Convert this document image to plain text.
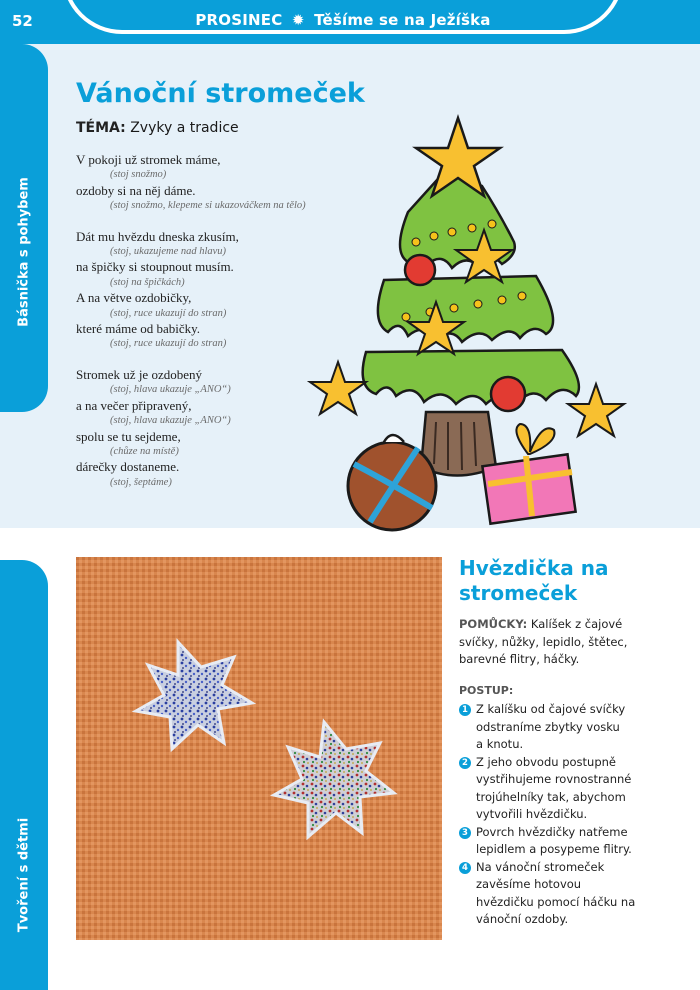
52	PROSINEC ✹ Těšíme se na Ježíška
Básnička s pohybem
Vánoční stromeček
TÉMA: Zvyky a tradice
V pokoji už stromek máme,
(stoj snožmo)
ozdoby si na něj dáme.
(stoj snožmo, klepeme si ukazováčkem na tělo)
Dát mu hvězdu dneska zkusím,
(stoj, ukazujeme nad hlavu)
na špičky si stoupnout musím.
(stoj na špičkách)
A na větve ozdobičky,
(stoj, ruce ukazují do stran)
které máme od babičky.
(stoj, ruce ukazují do stran)
Stromek už je ozdobený
(stoj, hlava ukazuje „ANO“)
a na večer připravený,
(stoj, hlava ukazuje „ANO“)
spolu se tu sejdeme,
(chůze na místě)
dárečky dostaneme.
(stoj, šeptáme)
Tvoření s dětmi
Hvězdička na
stromeček
POMŮCKY: Kalíšek z čajové
svíčky, nůžky, lepidlo, štětec,
barevné flitry, háčky.
POSTUP:
1 Z kalíšku od čajové svíčky
odstraníme zbytky vosku
a knotu.
2 Z jeho obvodu postupně
vystřihujeme rovnostranné
trojúhelníky tak, abychom
vytvořili hvězdičku.
3 Povrch hvězdičky natřeme
lepidlem a posypeme flitry.
4 Na vánoční stromeček
zavěsíme hotovou
hvězdičku pomocí háčku na
vánoční ozdoby.
